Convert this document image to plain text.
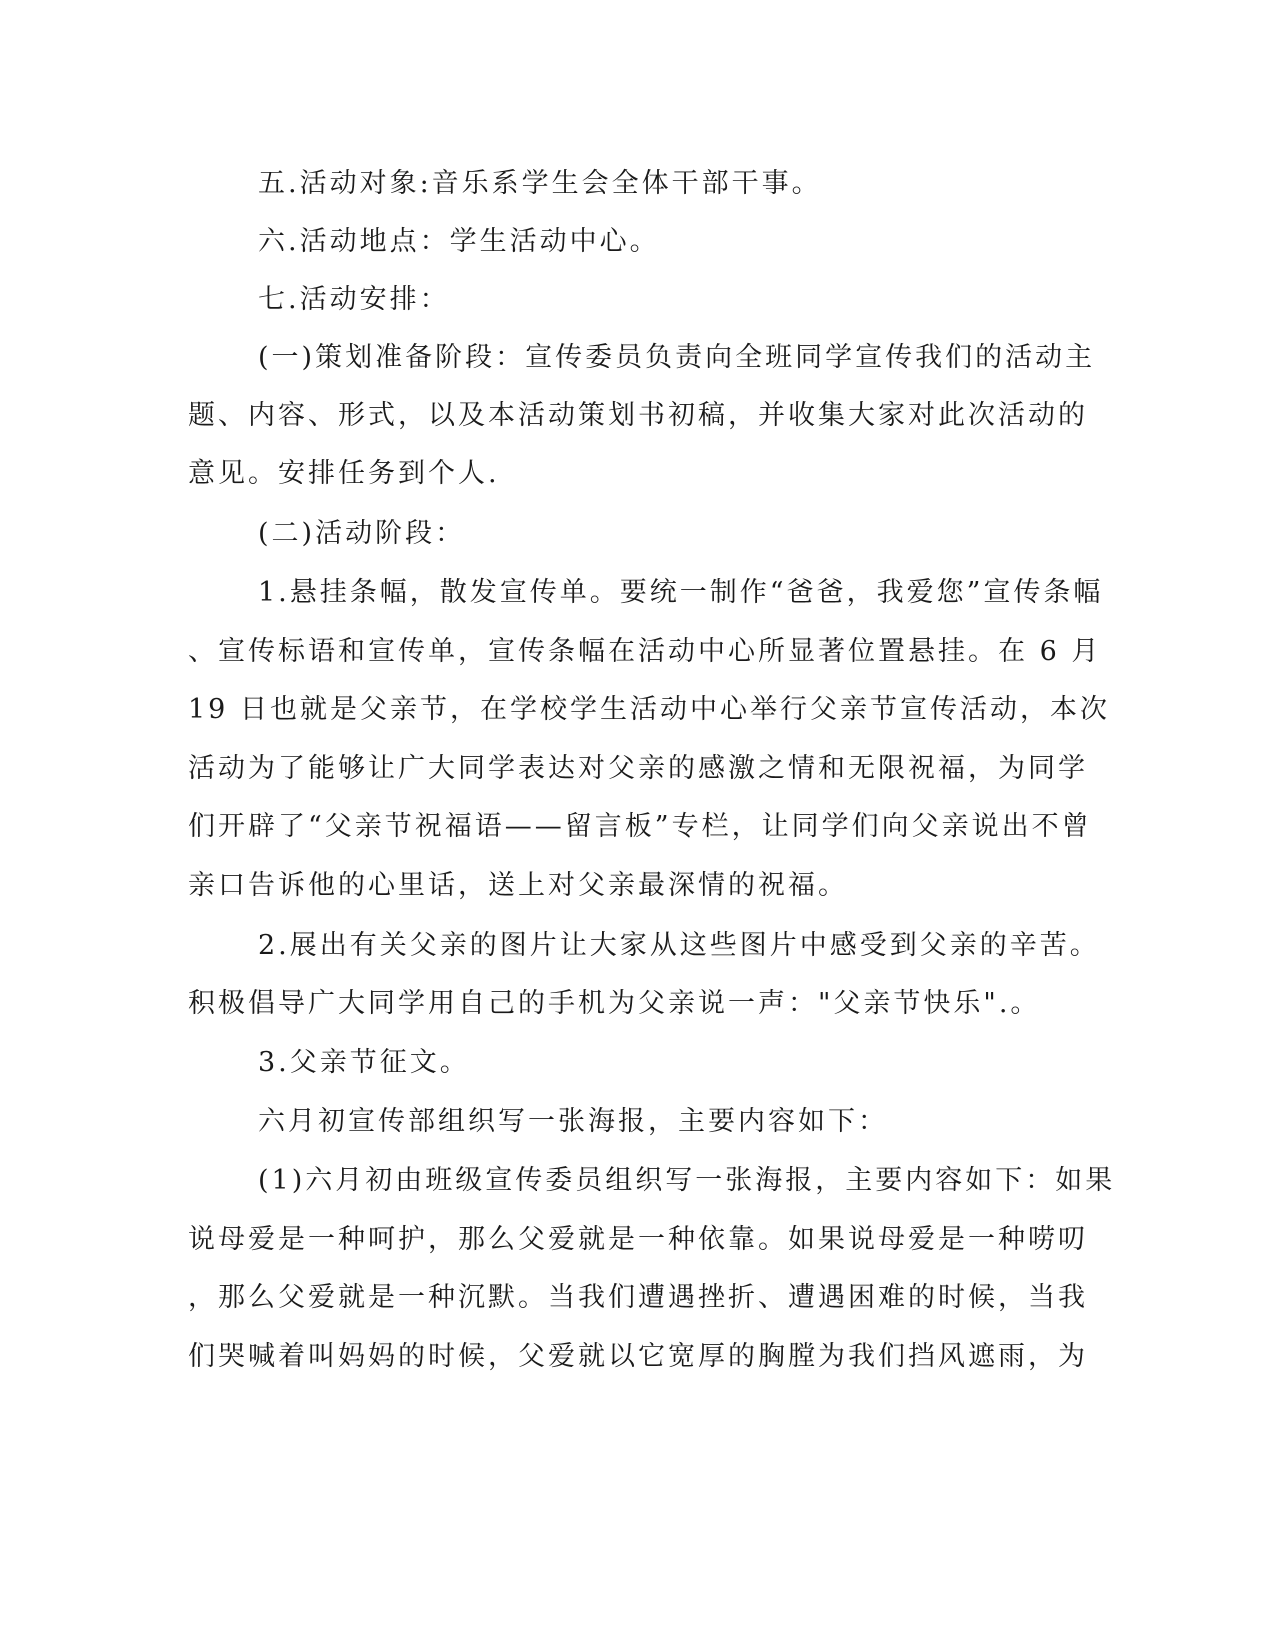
五.活动对象:音乐系学生会全体干部干事。
六.活动地点：学生活动中心。
七.活动安排：
(一)策划准备阶段：宣传委员负责向全班同学宣传我们的活动主
题、内容、形式，以及本活动策划书初稿，并收集大家对此次活动的
意见。安排任务到个人.
(二)活动阶段：
1.悬挂条幅，散发宣传单。要统一制作“爸爸，我爱您”宣传条幅
、宣传标语和宣传单，宣传条幅在活动中心所显著位置悬挂。在 6 月
19 日也就是父亲节，在学校学生活动中心举行父亲节宣传活动，本次
活动为了能够让广大同学表达对父亲的感激之情和无限祝福，为同学
们开辟了“父亲节祝福语——留言板”专栏，让同学们向父亲说出不曾
亲口告诉他的心里话，送上对父亲最深情的祝福。
2.展出有关父亲的图片让大家从这些图片中感受到父亲的辛苦。
积极倡导广大同学用自己的手机为父亲说一声："父亲节快乐".。
3.父亲节征文。
六月初宣传部组织写一张海报，主要内容如下：
(1)六月初由班级宣传委员组织写一张海报，主要内容如下：如果
说母爱是一种呵护，那么父爱就是一种依靠。如果说母爱是一种唠叨
，那么父爱就是一种沉默。当我们遭遇挫折、遭遇困难的时候，当我
们哭喊着叫妈妈的时候，父爱就以它宽厚的胸膛为我们挡风遮雨，为
